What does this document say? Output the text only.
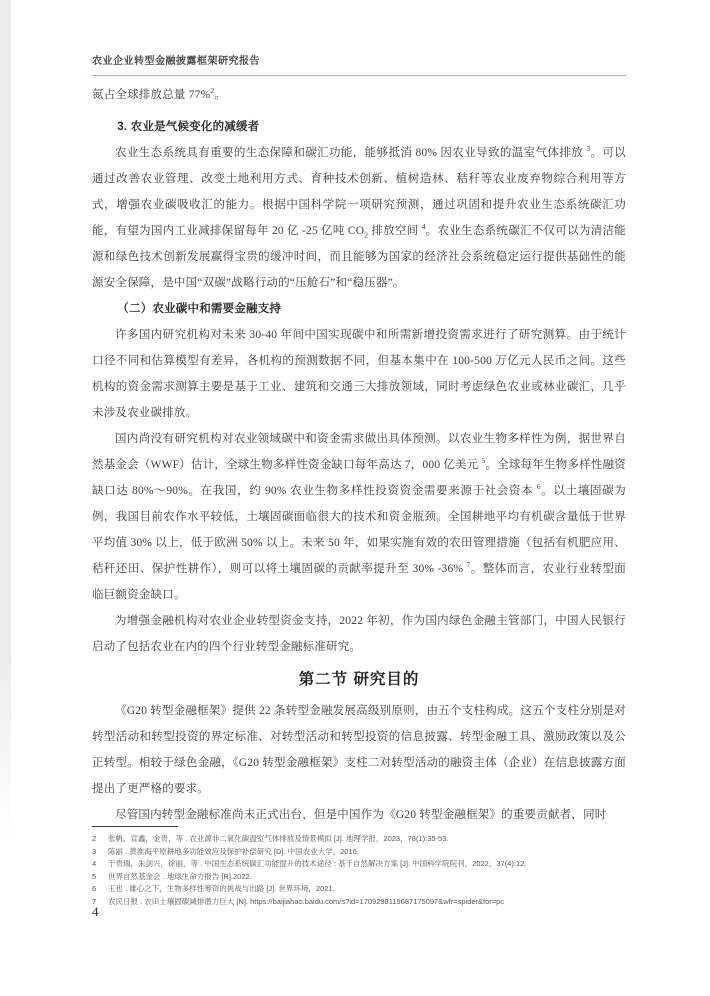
农业企业转型金融披露框架研究报告

氮占全球排放总量 77%$^2$。

3. 农业是气候变化的减缓者

农业生态系统具有重要的生态保障和碳汇功能，能够抵消 80% 因农业导致的温室气体排放 $^3$。可以通过改善农业管理、改变土地利用方式、育种技术创新、植树造林、秸秆等农业废弃物综合利用等方式，增强农业碳吸收汇的能力。根据中国科学院一项研究预测，通过巩固和提升农业生态系统碳汇功能，有望为国内工业减排保留每年 20 亿 -25 亿吨 $CO_2$ 排放空间 $^4$。农业生态系统碳汇不仅可以为清洁能源和绿色技术创新发展赢得宝贵的缓冲时间，而且能够为国家的经济社会系统稳定运行提供基础性的能源安全保障，是中国“双碳”战略行动的“压舱石”和“稳压器”。

（二）农业碳中和需要金融支持

许多国内研究机构对未来 30-40 年间中国实现碳中和所需新增投资需求进行了研究测算。由于统计口径不同和估算模型有差异，各机构的预测数据不同，但基本集中在 100-500 万亿元人民币之间。这些机构的资金需求测算主要是基于工业、建筑和交通三大排放领域，同时考虑绿色农业或林业碳汇，几乎未涉及农业碳排放。

国内尚没有研究机构对农业领域碳中和资金需求做出具体预测。以农业生物多样性为例，据世界自然基金会（WWF）估计，全球生物多样性资金缺口每年高达 7，000 亿美元 $^5$。全球每年生物多样性融资缺口达 80%～90%。在我国，约 90% 农业生物多样性投资资金需要来源于社会资本 $^6$。以土壤固碳为例，我国目前农作水平较低，土壤固碳面临很大的技术和资金瓶颈。全国耕地平均有机碳含量低于世界平均值 30% 以上，低于欧洲 50% 以上。未来 50 年，如果实施有效的农田管理措施（包括有机肥应用、秸秆还田、保护性耕作），则可以将土壤固碳的贡献率提升至 30% -36% $^7$。整体而言，农业行业转型面临巨额资金缺口。

为增强金融机构对农业企业转型资金支持，2022 年初，作为国内绿色金融主管部门，中国人民银行启动了包括农业在内的四个行业转型金融标准研究。

第二节 研究目的

《G20 转型金融框架》提供 22 条转型金融发展高级别原则，由五个支柱构成。这五个支柱分别是对转型活动和转型投资的界定标准、对转型活动和转型投资的信息披露、转型金融工具、激励政策以及公正转型。相较于绿色金融，《G20 转型金融框架》支柱二对转型活动的融资主体（企业）在信息披露方面提出了更严格的要求。

尽管国内转型金融标准尚未正式出台，但是中国作为《G20 转型金融框架》的重要贡献者，同时

2	张帆，宣鑫，金贵，等 . 农业源非二氧化碳温室气体排放及情景模拟 [J]. 地理学报，2023，78(1):35-53.
3	陈丽 . 黄淮海平原耕地多功能效应及保护补偿研究 [D]. 中国农业大学，2016.
4	于贵瑞，朱剑兴，徐丽，等 . 中国生态系统碳汇功能提升的技术途径 : 基于自然解决方案 [J]. 中国科学院院刊，2022，37(4):12.
5	世界自然基金会 . 地球生命力报告 [R].2022.
6	王也 . 雄心之下，生物多样性筹资的挑战与出路 [J]. 世界环境，2021.
7	农民日报 . 农田土壤固碳减排潜力巨大 [N]. https://baijiahao.baidu.com/s?id=1709298119687175097&wfr=spider&for=pc
4
